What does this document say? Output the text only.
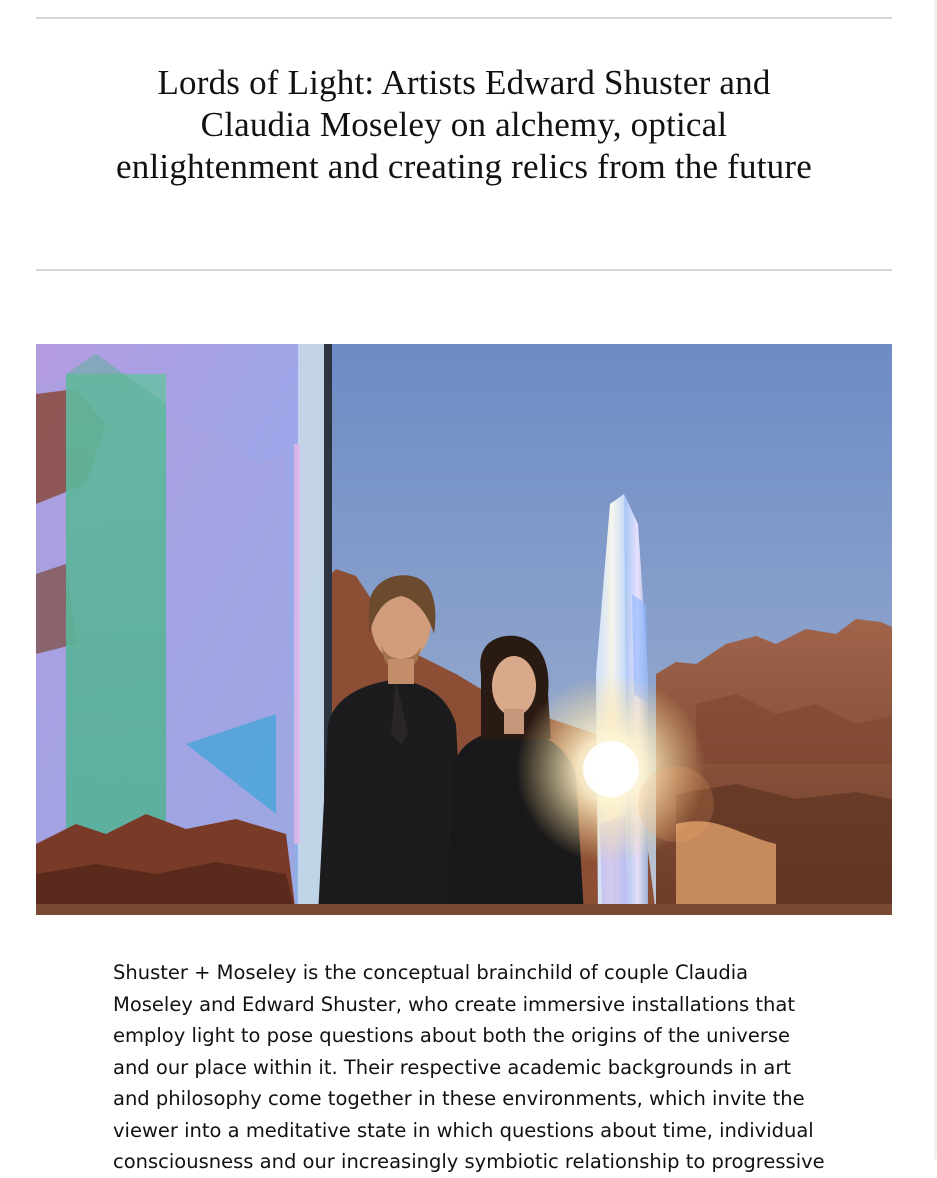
Lords of Light: Artists Edward Shuster and Claudia Moseley on alchemy, optical enlightenment and creating relics from the future

Shuster + Moseley is the conceptual brainchild of couple Claudia Moseley and Edward Shuster, who create immersive installations that employ light to pose questions about both the origins of the universe and our place within it. Their respective academic backgrounds in art and philosophy come together in these environments, which invite the viewer into a meditative state in which questions about time, individual consciousness and our increasingly symbiotic relationship to progressive
